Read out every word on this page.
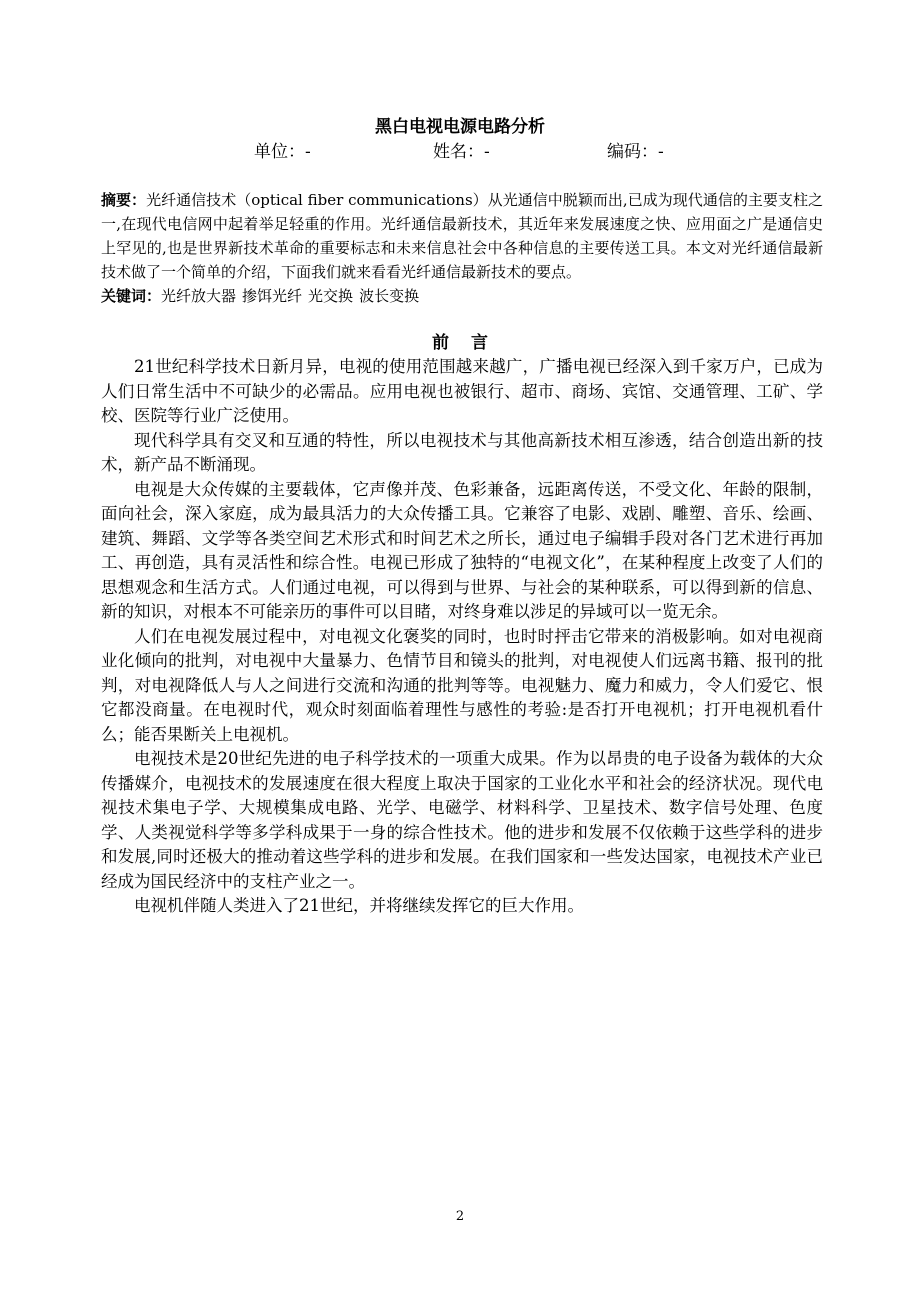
黑白电视电源电路分析
单位：-	姓名：-	编码：-
摘要：光纤通信技术（optical fiber communications）从光通信中脱颖而出,已成为现代通信的主要支柱之一,在现代电信网中起着举足轻重的作用。光纤通信最新技术，其近年来发展速度之快、应用面之广是通信史上罕见的,也是世界新技术革命的重要标志和未来信息社会中各种信息的主要传送工具。本文对光纤通信最新技术做了一个简单的介绍，下面我们就来看看光纤通信最新技术的要点。
关键词：光纤放大器 掺饵光纤 光交换 波长变换
前言

21世纪科学技术日新月异，电视的使用范围越来越广，广播电视已经深入到千家万户，已成为人们日常生活中不可缺少的必需品。应用电视也被银行、超市、商场、宾馆、交通管理、工矿、学校、医院等行业广泛使用。

现代科学具有交叉和互通的特性，所以电视技术与其他高新技术相互渗透，结合创造出新的技术，新产品不断涌现。

电视是大众传媒的主要载体，它声像并茂、色彩兼备，远距离传送，不受文化、年龄的限制，面向社会，深入家庭，成为最具活力的大众传播工具。它兼容了电影、戏剧、雕塑、音乐、绘画、建筑、舞蹈、文学等各类空间艺术形式和时间艺术之所长，通过电子编辑手段对各门艺术进行再加工、再创造，具有灵活性和综合性。电视已形成了独特的“电视文化”，在某种程度上改变了人们的思想观念和生活方式。人们通过电视，可以得到与世界、与社会的某种联系，可以得到新的信息、新的知识，对根本不可能亲历的事件可以目睹，对终身难以涉足的异域可以一览无余。

人们在电视发展过程中，对电视文化褒奖的同时，也时时抨击它带来的消极影响。如对电视商业化倾向的批判，对电视中大量暴力、色情节目和镜头的批判，对电视使人们远离书籍、报刊的批判，对电视降低人与人之间进行交流和沟通的批判等等。电视魅力、魔力和威力，令人们爱它、恨它都没商量。在电视时代，观众时刻面临着理性与感性的考验:是否打开电视机；打开电视机看什么；能否果断关上电视机。

电视技术是20世纪先进的电子科学技术的一项重大成果。作为以昂贵的电子设备为载体的大众传播媒介，电视技术的发展速度在很大程度上取决于国家的工业化水平和社会的经济状况。现代电视技术集电子学、大规模集成电路、光学、电磁学、材料科学、卫星技术、数字信号处理、色度学、人类视觉科学等多学科成果于一身的综合性技术。他的进步和发展不仅依赖于这些学科的进步和发展,同时还极大的推动着这些学科的进步和发展。在我们国家和一些发达国家，电视技术产业已经成为国民经济中的支柱产业之一。

电视机伴随人类进入了21世纪，并将继续发挥它的巨大作用。

2
